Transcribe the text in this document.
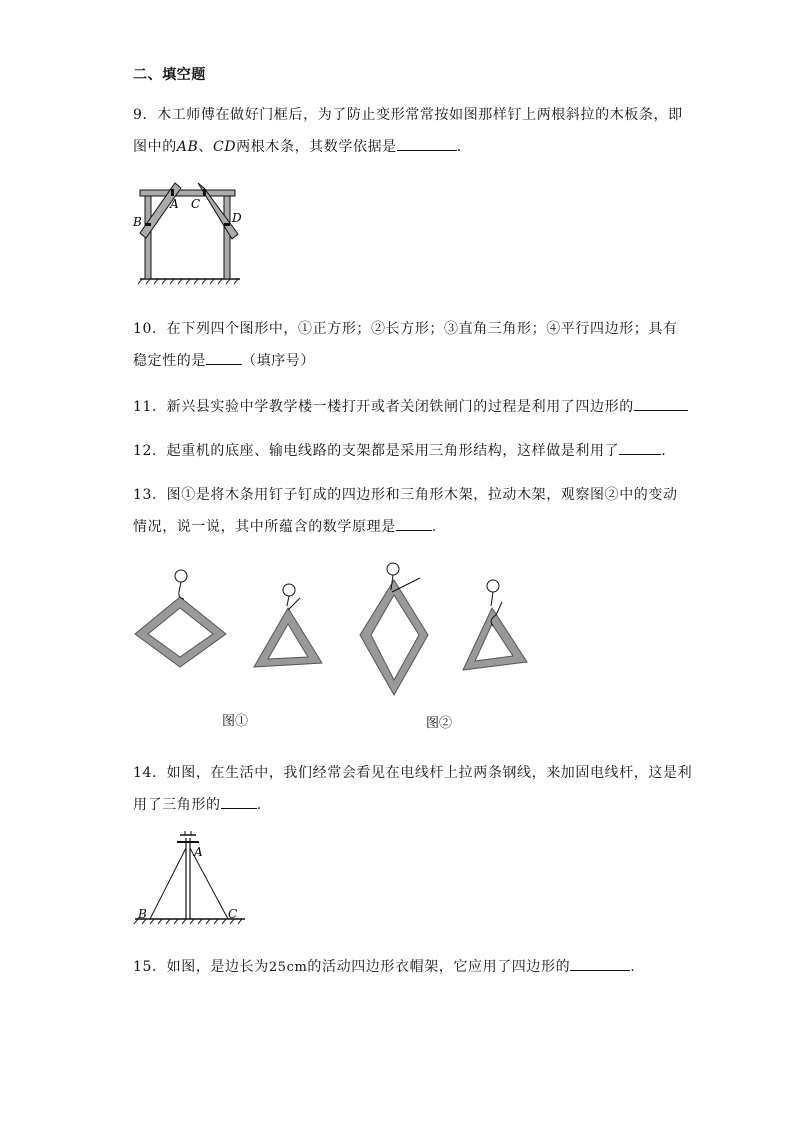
二、填空题
9．木工师傅在做好门框后，为了防止变形常常按如图那样钉上两根斜拉的木板条，即
图中的AB、CD两根木条，其数学依据是	.
A C
B	D
10．在下列四个图形中，①正方形；②长方形；③直角三角形；④平行四边形；具有
稳定性的是	（填序号）
11．新兴县实验中学教学楼一楼打开或者关闭铁闸门的过程是利用了四边形的
12．起重机的底座、输电线路的支架都是采用三角形结构，这样做是利用了	.
13．图①是将木条用钉子钉成的四边形和三角形木架，拉动木架，观察图②中的变动
情况，说一说，其中所蕴含的数学原理是	.
图①	图②
14．如图，在生活中，我们经常会看见在电线杆上拉两条钢线，来加固电线杆，这是利
用了三角形的	.
A
B	C
15．如图，是边长为25cm的活动四边形衣帽架，它应用了四边形的	.
